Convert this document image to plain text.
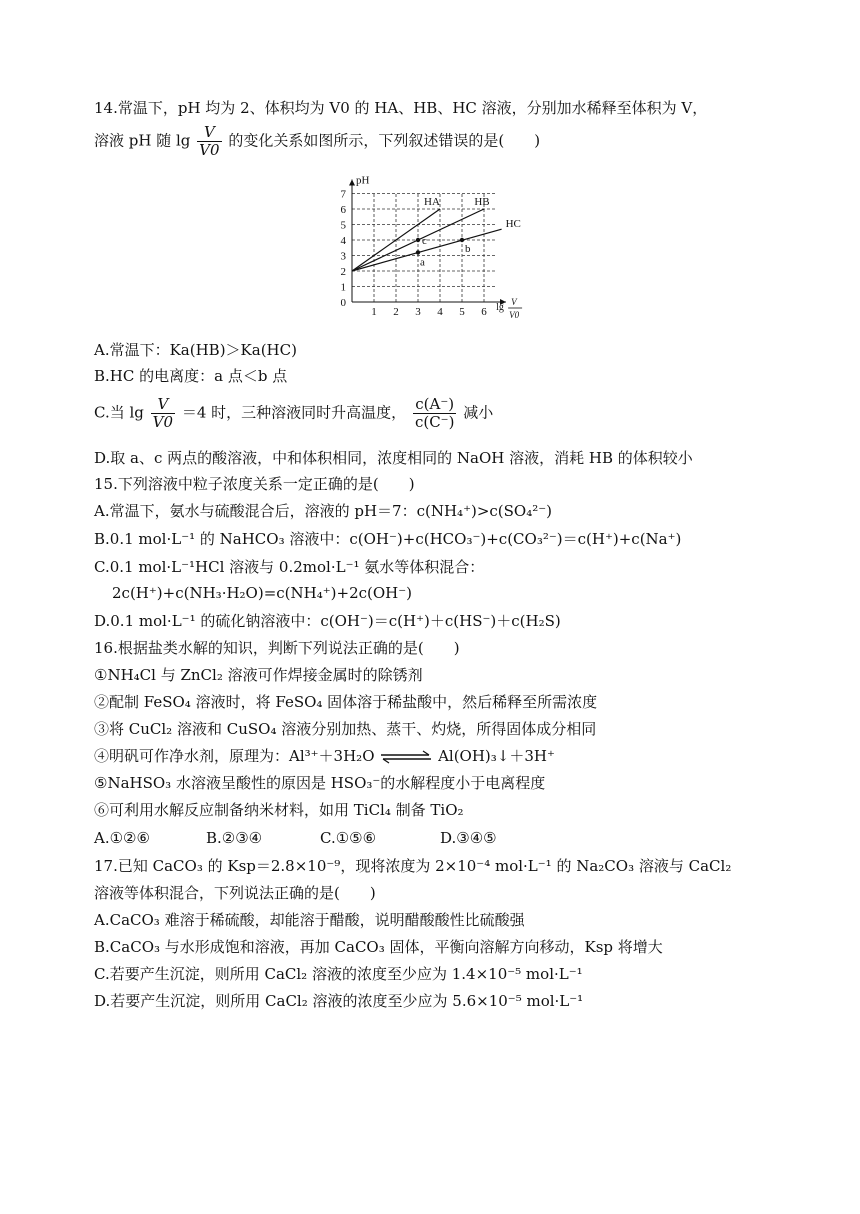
14.常温下，pH 均为 2、体积均为 V0 的 HA、HB、HC 溶液，分别加水稀释至体积为 V，
溶液 pH 随 $\lg \frac{V}{V0}$ 的变化关系如图所示，下列叙述错误的是(　　)
1 2 3 4 5 6
0
1
2
3
4
5
6
7
pH
lg V
V0
HA	HB
HC
c
a
b
A.常温下：Ka(HB)＞Ka(HC)
B.HC 的电离度：a 点＜b 点
C.当 $\lg \frac{V}{V0} =4$ 时，三种溶液同时升高温度， $\frac{c(A^-)}{c(C^-)}$ 减小
D.取 a、c 两点的酸溶液，中和体积相同，浓度相同的 NaOH 溶液，消耗 HB 的体积较小
15.下列溶液中粒子浓度关系一定正确的是(　　)
A.常温下，氨水与硫酸混合后，溶液的 pH＝7：c(NH₄⁺)>c(SO₄²⁻)
B.0.1 mol·L⁻¹ 的 NaHCO₃ 溶液中：c(OH⁻)+c(HCO₃⁻)+c(CO₃²⁻)＝c(H⁺)+c(Na⁺)
C.0.1 mol·L⁻¹HCl 溶液与 0.2mol·L⁻¹ 氨水等体积混合：
2c(H⁺)+c(NH₃·H₂O)=c(NH₄⁺)+2c(OH⁻)
D.0.1 mol·L⁻¹ 的硫化钠溶液中：c(OH⁻)＝c(H⁺)＋c(HS⁻)＋c(H₂S)
16.根据盐类水解的知识，判断下列说法正确的是(　　)
①NH₄Cl 与 ZnCl₂ 溶液可作焊接金属时的除锈剂
②配制 FeSO₄ 溶液时，将 FeSO₄ 固体溶于稀盐酸中，然后稀释至所需浓度
③将 CuCl₂ 溶液和 CuSO₄ 溶液分别加热、蒸干、灼烧，所得固体成分相同
④明矾可作净水剂，原理为：Al³⁺＋3H₂O ⇌ Al(OH)₃↓＋3H⁺
⑤NaHSO₃ 水溶液呈酸性的原因是 HSO₃⁻的水解程度小于电离程度
⑥可利用水解反应制备纳米材料，如用 TiCl₄ 制备 TiO₂
A.①②⑥	B.②③④	C.①⑤⑥	D.③④⑤
17.已知 CaCO₃ 的 Ksp＝2.8×10⁻⁹，现将浓度为 2×10⁻⁴ mol·L⁻¹ 的 Na₂CO₃ 溶液与 CaCl₂
溶液等体积混合，下列说法正确的是(　　)
A.CaCO₃ 难溶于稀硫酸，却能溶于醋酸，说明醋酸酸性比硫酸强
B.CaCO₃ 与水形成饱和溶液，再加 CaCO₃ 固体，平衡向溶解方向移动，Ksp 将增大
C.若要产生沉淀，则所用 CaCl₂ 溶液的浓度至少应为 1.4×10⁻⁵ mol·L⁻¹
D.若要产生沉淀，则所用 CaCl₂ 溶液的浓度至少应为 5.6×10⁻⁵ mol·L⁻¹
